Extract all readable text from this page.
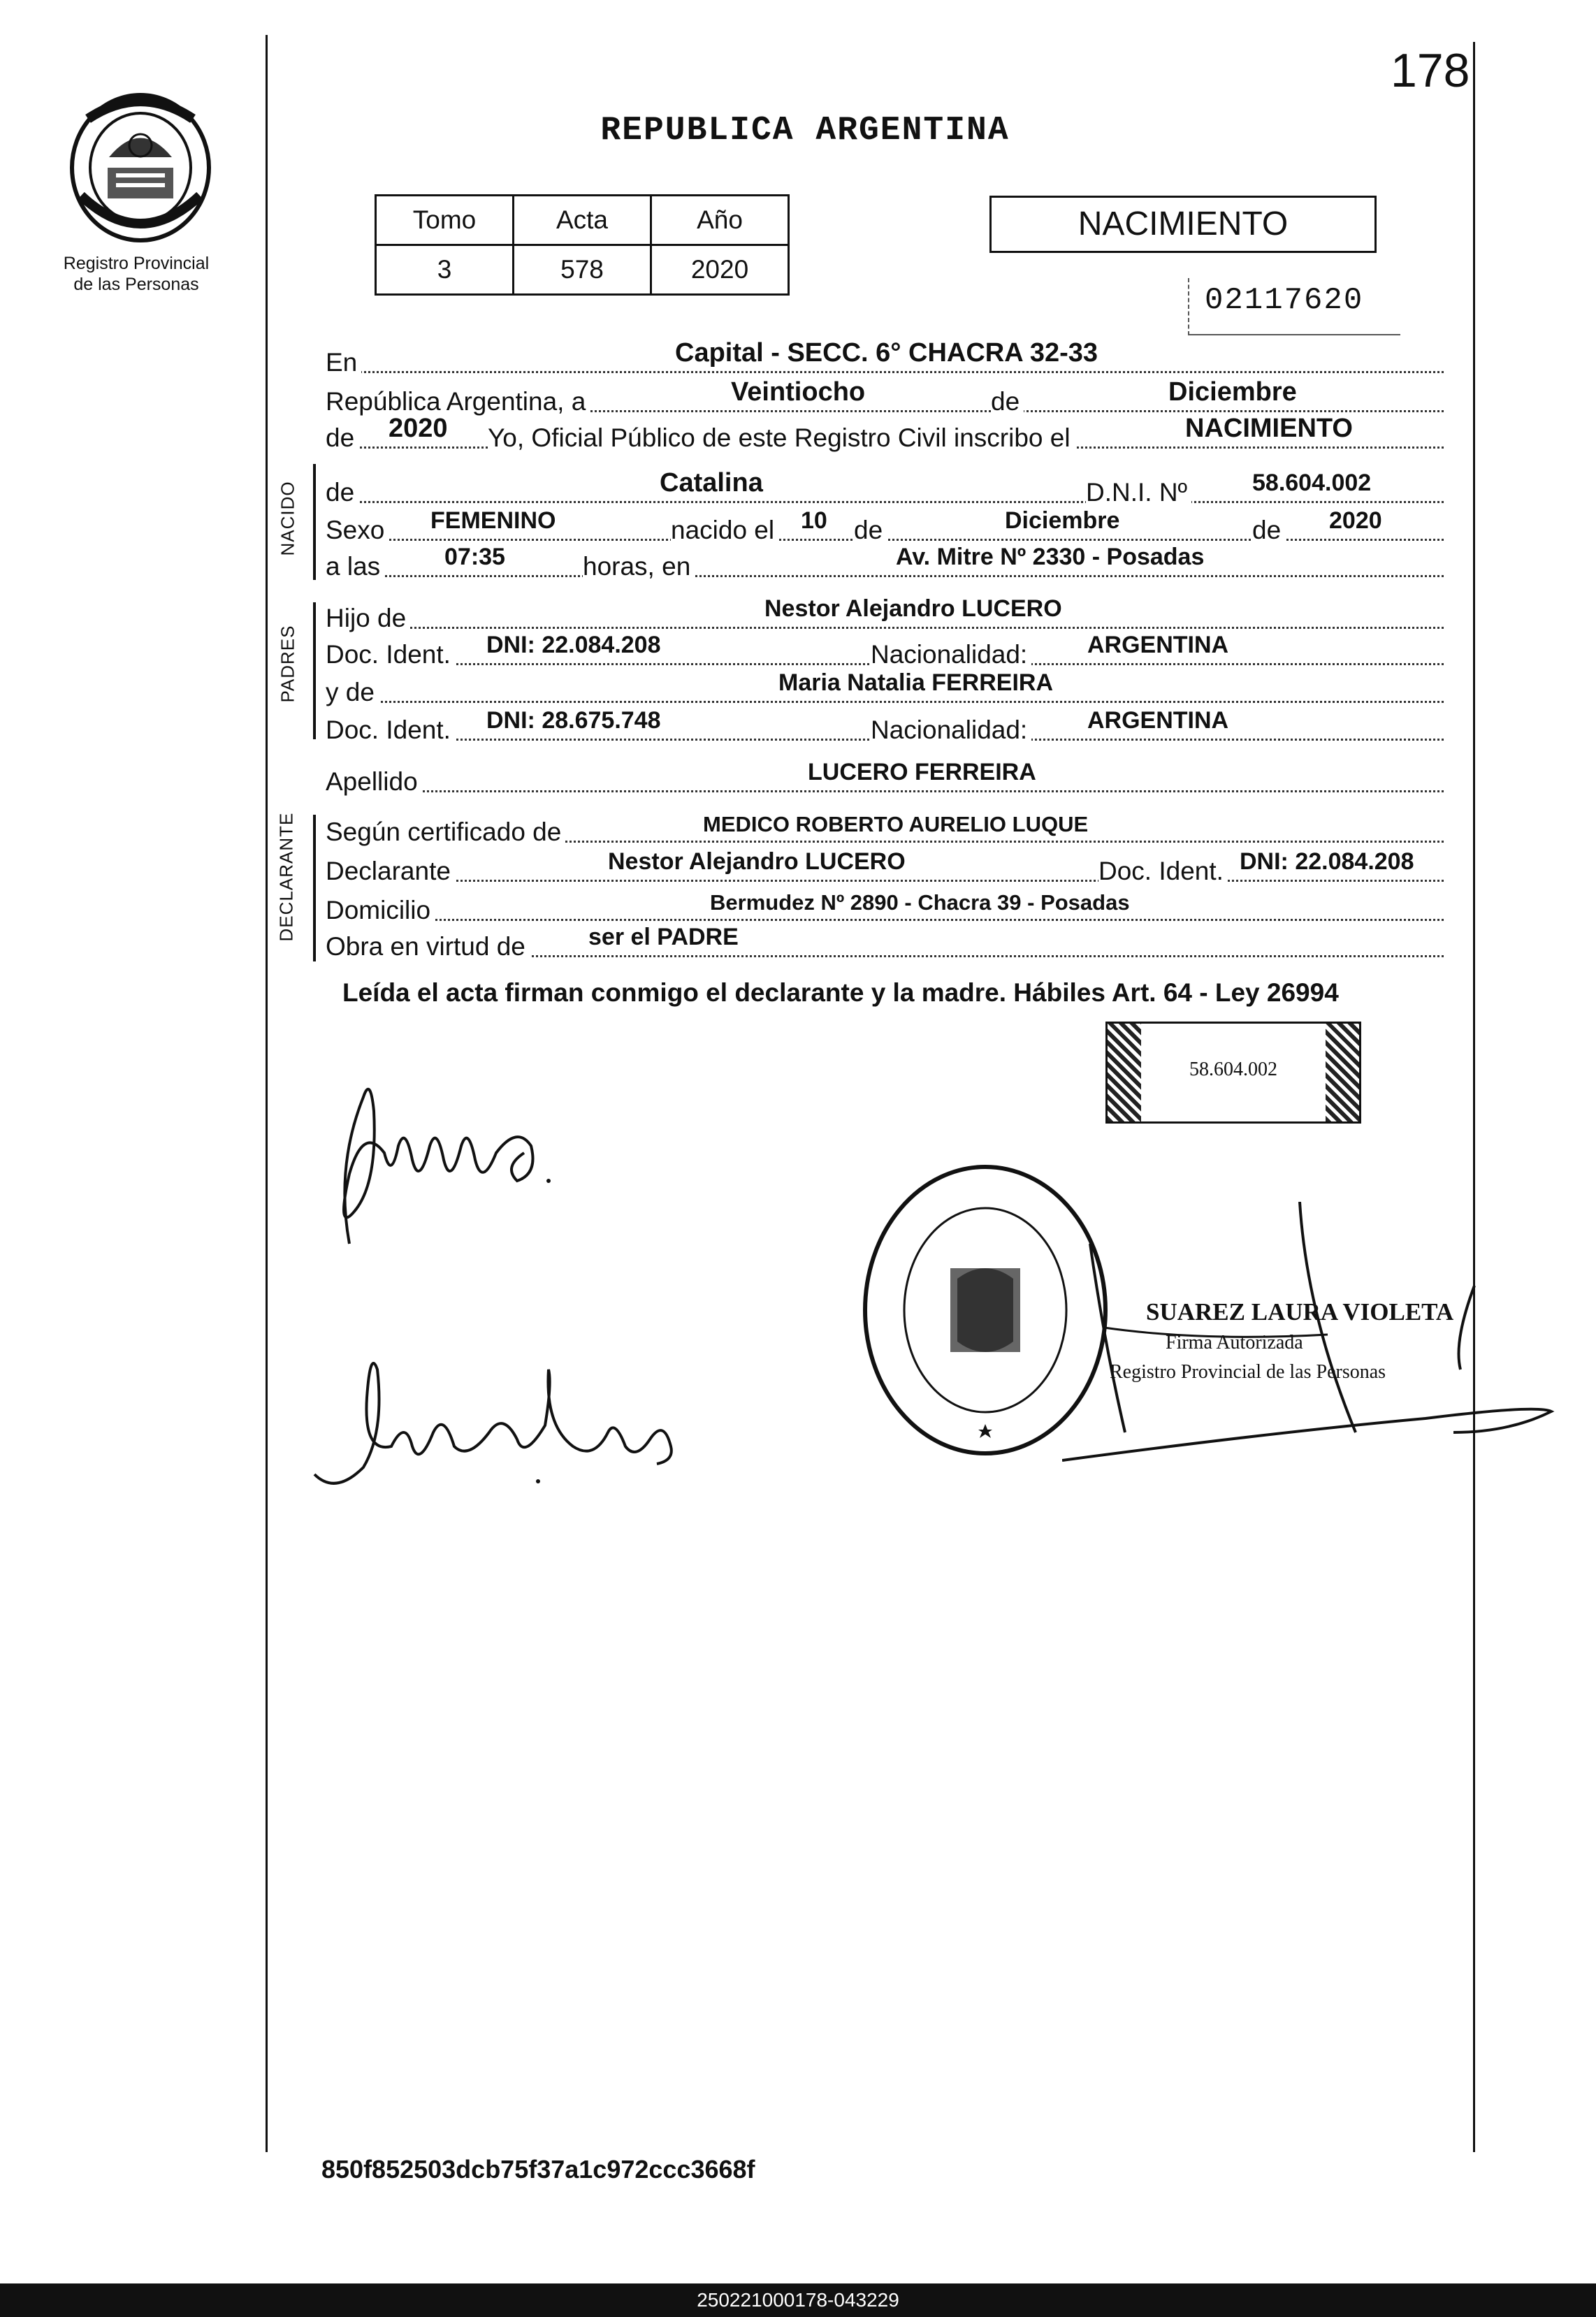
178
Registro Provincial
de las Personas
REPUBLICA ARGENTINA
Tomo	Acta	Año
3	578	2020
NACIMIENTO
02117620
En	Capital - SECC. 6° CHACRA 32-33
República Argentina, a	Veintiocho	de	Diciembre
de 2020 Yo, Oficial Público de este Registro Civil inscribo el	NACIMIENTO
NACIDO de	Catalina	D.N.I. Nº	58.604.002
Sexo FEMENINO	nacido el 10 de	Diciembre	de 2020
a las	07:35	horas, en	Av. Mitre Nº 2330 - Posadas
PADRES
Hijo de	Nestor Alejandro LUCERO
Doc. Ident. DNI: 22.084.208	Nacionalidad:	ARGENTINA
y de	Maria Natalia FERREIRA
Doc. Ident. DNI: 28.675.748	Nacionalidad:	ARGENTINA
Apellido	LUCERO FERREIRA
DECLARANTE Según certificado de	MEDICO ROBERTO AURELIO LUQUE
Declarante	Nestor Alejandro LUCERO	Doc. Ident. DNI: 22.084.208
Domicilio	Bermudez Nº 2890 - Chacra 39 - Posadas
Obra en virtud de	ser el PADRE
Leída el acta firman conmigo el declarante y la madre. Hábiles Art. 64 - Ley 26994
58.604.002
SUAREZ LAURA VIOLETA
Firma Autorizada
Registro Provincial de las Personas
850f852503dcb75f37a1c972ccc3668f
250221000178-043229
